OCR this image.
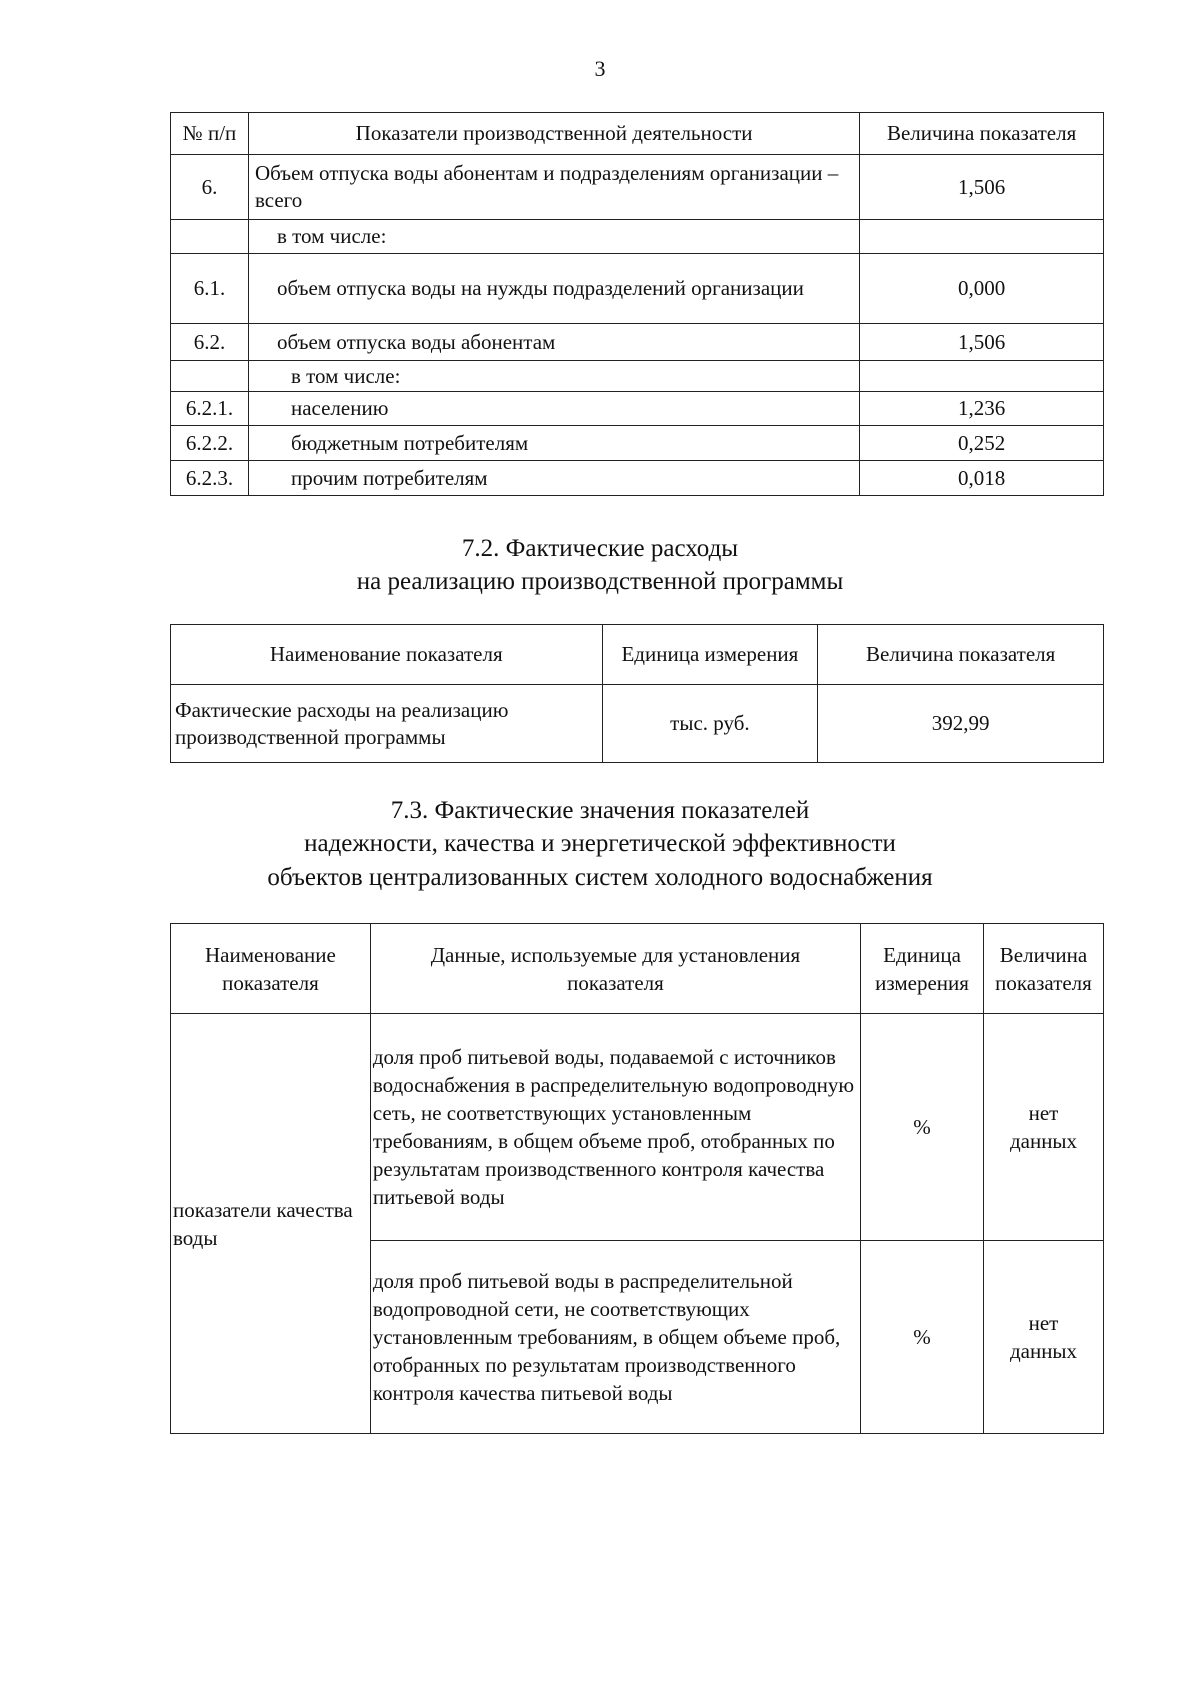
3
№ п/п	Показатели производственной деятельности	Величина показателя
6.	Объем отпуска воды абонентам и подразделениям организации – всего	1,506
	в том числе:	
6.1.	объем отпуска воды на нужды подразделений организации	0,000
6.2.	объем отпуска воды абонентам	1,506
	в том числе:	
6.2.1.	населению	1,236
6.2.2.	бюджетным потребителям	0,252
6.2.3.	прочим потребителям	0,018
7.2. Фактические расходы
на реализацию производственной программы
Наименование показателя	Единица измерения	Величина показателя
Фактические расходы на реализацию производственной программы	тыс. руб.	392,99
7.3. Фактические значения показателей
надежности, качества и энергетической эффективности
объектов централизованных систем холодного водоснабжения
Наименование показателя	Данные, используемые для установления показателя	Единица измерения	Величина показателя
показатели качества воды	доля проб питьевой воды, подаваемой с источников водоснабжения в распределительную водопроводную сеть, не соответствующих установленным требованиям, в общем объеме проб, отобранных по результатам производственного контроля качества питьевой воды	%	нет данных
	доля проб питьевой воды в распределительной водопроводной сети, не соответствующих установленным требованиям, в общем объеме проб, отобранных по результатам производственного контроля качества питьевой воды	%	нет данных
